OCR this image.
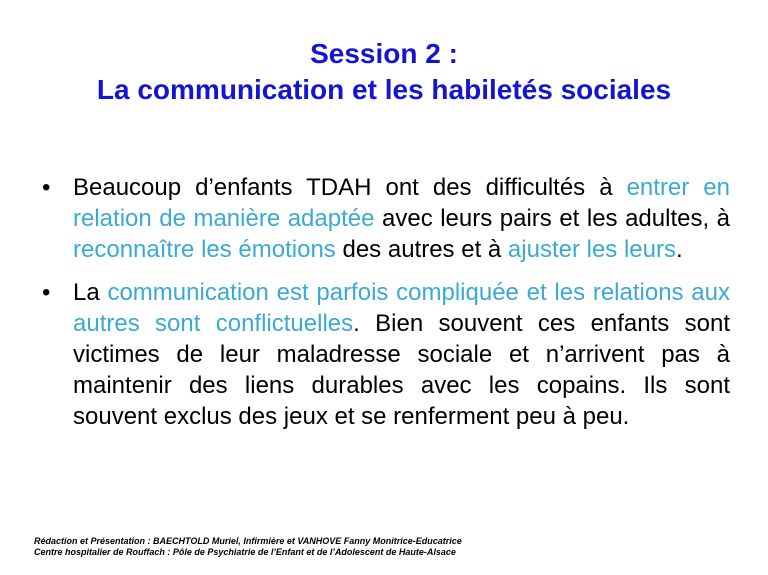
Session 2 :
La communication et les habiletés sociales
• Beaucoup d’enfants TDAH ont des difficultés à entrer en relation de manière adaptée avec leurs pairs et les adultes, à reconnaître les émotions des autres et à ajuster les leurs.
• La communication est parfois compliquée et les relations aux autres sont conflictuelles. Bien souvent ces enfants sont victimes de leur maladresse sociale et n’arrivent pas à maintenir des liens durables avec les copains. Ils sont souvent exclus des jeux et se renferment peu à peu.
Rédaction et Présentation : BAECHTOLD Muriel, Infirmière et VANHOVE Fanny Monitrice-Educatrice
Centre hospitalier de Rouffach : Pôle de Psychiatrie de l’Enfant et de l’Adolescent de Haute-Alsace
